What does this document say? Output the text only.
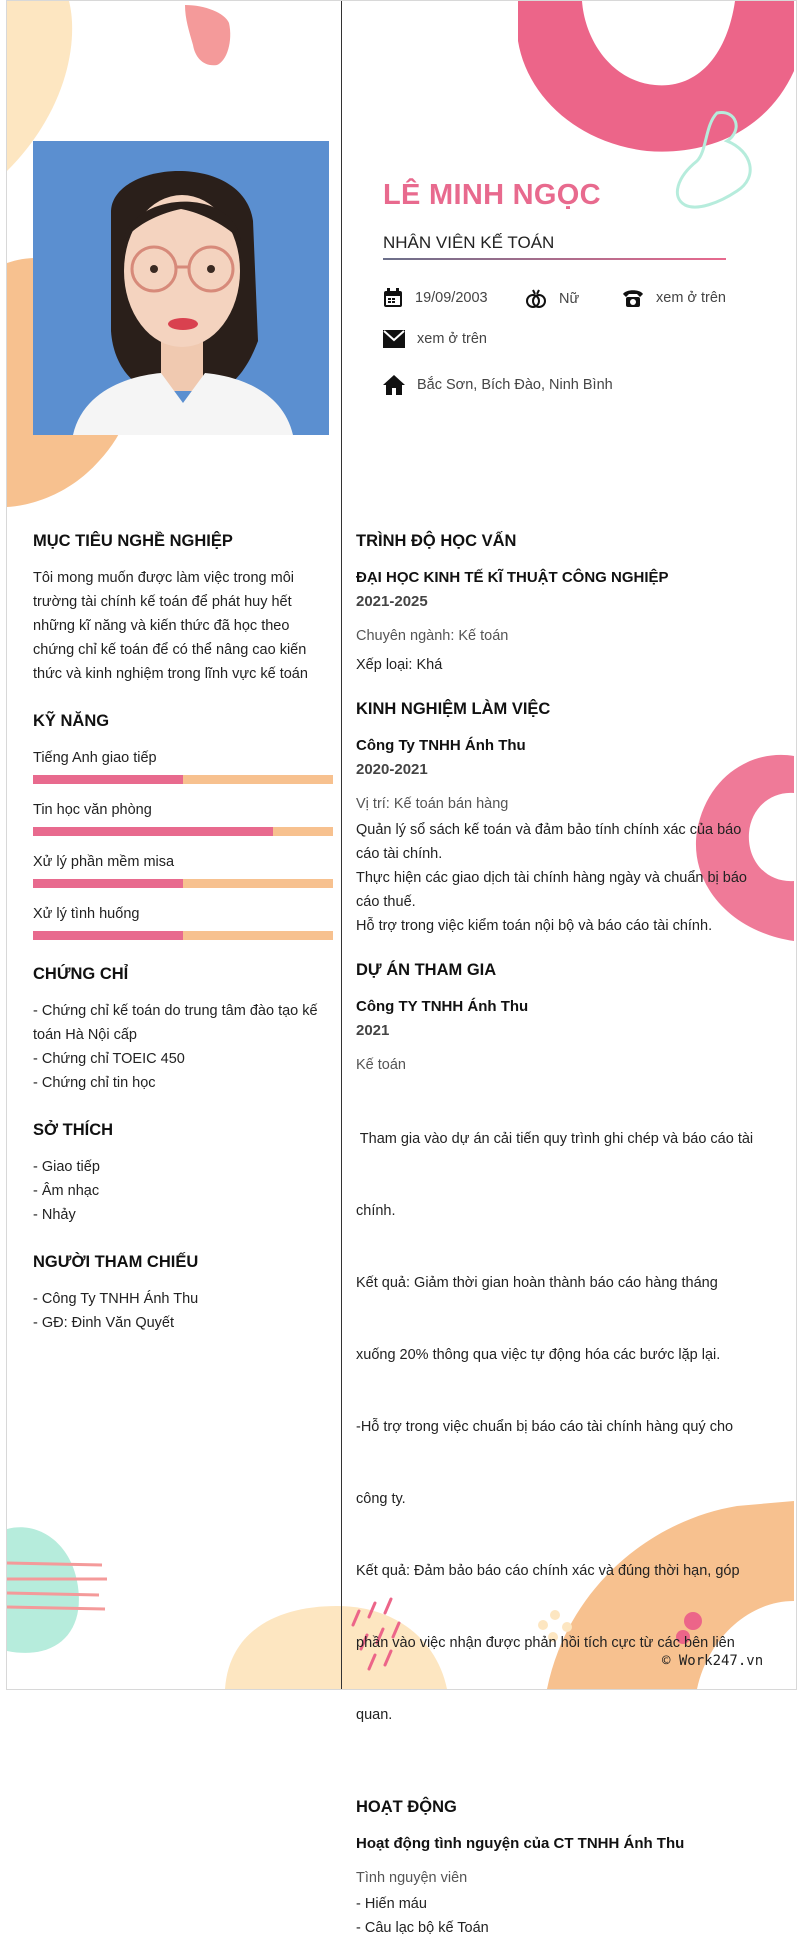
LÊ MINH NGỌC
NHÂN VIÊN KẾ TOÁN
19/09/2003	Nữ	xem ở trên
xem ở trên
Bắc Sơn, Bích Đào, Ninh Bình
MỤC TIÊU NGHỀ NGHIỆP
Tôi mong muốn được làm việc trong môi
trường tài chính kế toán để phát huy hết
những kĩ năng và kiến thức đã học theo
chứng chỉ kế toán để có thể nâng cao kiến
thức và kinh nghiệm trong lĩnh vực kế toán
KỸ NĂNG
Tiếng Anh giao tiếp
Tin học văn phòng
Xử lý phần mềm misa
Xử lý tình huống
CHỨNG CHỈ
- Chứng chỉ kế toán do trung tâm đào tạo kế
toán Hà Nội cấp
- Chứng chỉ TOEIC 450
- Chứng chỉ tin học
SỞ THÍCH
- Giao tiếp
- Âm nhạc
- Nhảy
NGƯỜI THAM CHIẾU
- Công Ty TNHH Ánh Thu
- GĐ: Đinh Văn Quyết
TRÌNH ĐỘ HỌC VẤN
ĐẠI HỌC KINH TẾ KĨ THUẬT CÔNG NGHIỆP
2021-2025
Chuyên ngành: Kế toán
Xếp loại: Khá
KINH NGHIỆM LÀM VIỆC
Công Ty TNHH Ánh Thu
2020-2021
Vị trí: Kế toán bán hàng
Quản lý sổ sách kế toán và đảm bảo tính chính xác của báo
cáo tài chính.
Thực hiện các giao dịch tài chính hàng ngày và chuẩn bị báo
cáo thuế.
Hỗ trợ trong việc kiểm toán nội bộ và báo cáo tài chính.
DỰ ÁN THAM GIA
Công TY TNHH Ánh Thu
2021
Kế toán

Tham gia vào dự án cải tiến quy trình ghi chép và báo cáo tài

chính.

Kết quả: Giảm thời gian hoàn thành báo cáo hàng tháng

xuống 20% thông qua việc tự động hóa các bước lặp lại.

-Hỗ trợ trong việc chuẩn bị báo cáo tài chính hàng quý cho

công ty.

Kết quả: Đảm bảo báo cáo chính xác và đúng thời hạn, góp

phần vào việc nhận được phản hồi tích cực từ các bên liên

quan.

HOẠT ĐỘNG
Hoạt động tình nguyện của CT TNHH Ánh Thu
Tình nguyện viên
- Hiến máu
- Câu lạc bộ kế Toán
© Work247.vn
